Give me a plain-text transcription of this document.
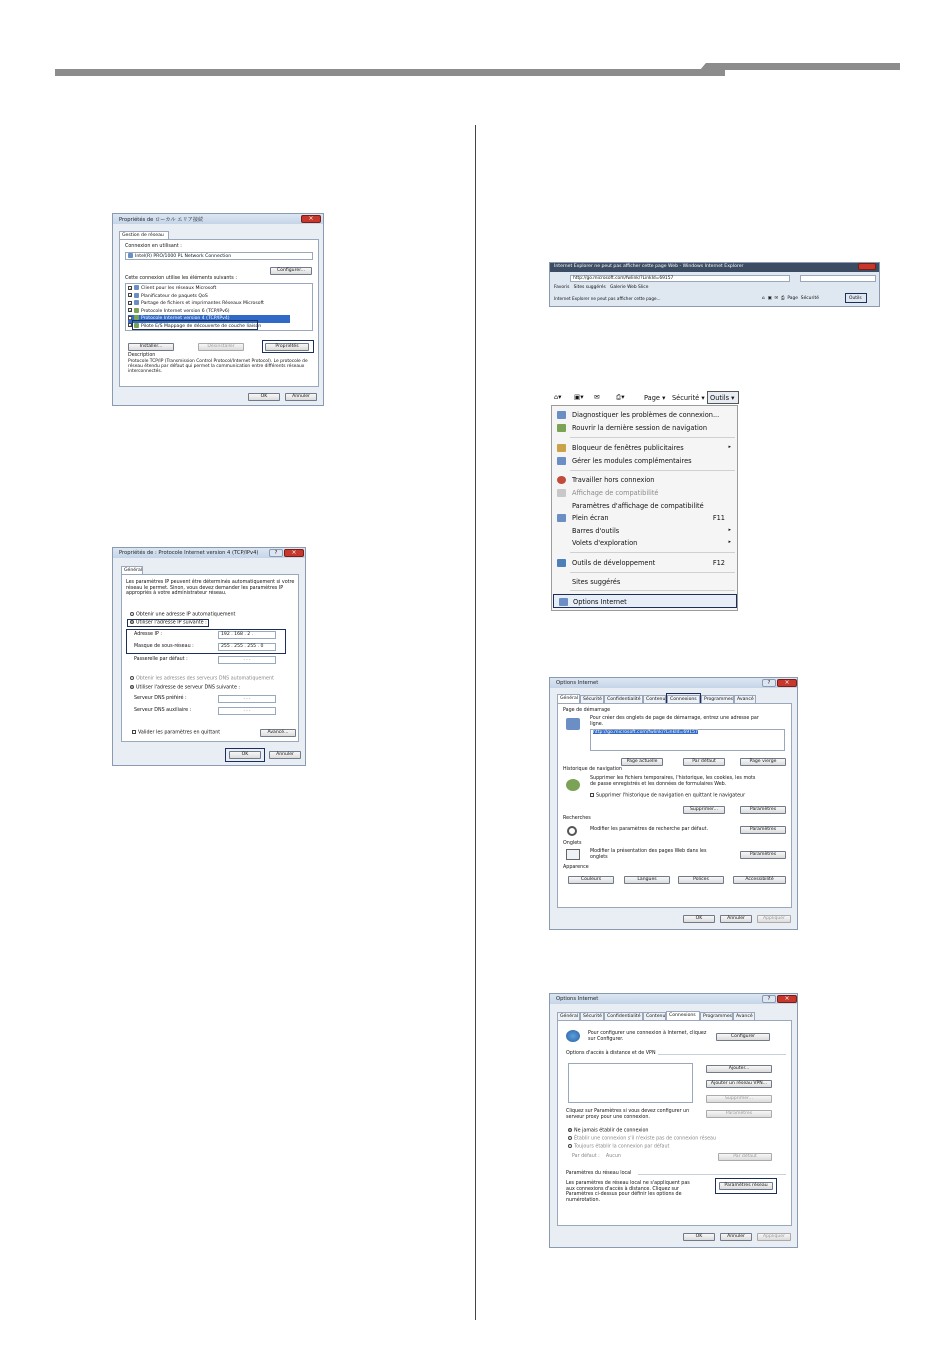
Propriétés de ローカル エリア接続	×
Gestion de réseau
Connexion en utilisant :
Intel(R) PRO/1000 PL Network Connection
Configurer...
Cette connexion utilise les éléments suivants :
✓ Client pour les réseaux Microsoft
✓ Planificateur de paquets QoS
✓ Partage de fichiers et imprimantes Réseaux Microsoft
✓ Protocole Internet version 6 (TCP/IPv6)
✓ Protocole Internet version 4 (TCP/IPv4)
✓ Pilote E/S Mappage de découverte de couche liaison
Installer...	Désinstaller	Propriétés
Description
Protocole TCP/IP (Transmission Control Protocol/Internet Protocol). Le protocole de réseau étendu par défaut qui permet la communication entre différents réseaux interconnectés.
OK	Annuler
Propriétés de : Protocole Internet version 4 (TCP/IPv4)	?	×
Général
Les paramètres IP peuvent être déterminés automatiquement si votre réseau le permet. Sinon, vous devez demander les paramètres IP appropriés à votre administrateur réseau.
Obtenir une adresse IP automatiquement
Utiliser l'adresse IP suivante :
Adresse IP :	192 . 168 . 2 .
Masque de sous-réseau :	255 . 255 . 255 . 0
Passerelle par défaut :	. . .
Obtenir les adresses des serveurs DNS automatiquement
Utiliser l'adresse de serveur DNS suivante :
Serveur DNS préféré :	. . .
Serveur DNS auxiliaire :	. . .
Valider les paramètres en quittant	Avancé...
OK	Annuler
Internet Explorer ne peut pas afficher cette page Web - Windows Internet Explorer
http://go.microsoft.com/fwlink/?LinkId=69157
Favoris Sites suggérés Galerie Web Slice
Internet Explorer ne peut pas afficher cette page...	⌂ ▣ ✉ ⎙ Page Sécurité	Outils
⌂▾ ▣▾ ✉ ⎙▾	Page ▾ Sécurité ▾ Outils ▾
Diagnostiquer les problèmes de connexion...
Rouvrir la dernière session de navigation
Bloqueur de fenêtres publicitaires	▸
Gérer les modules complémentaires
Travailler hors connexion
Affichage de compatibilité
Paramètres d'affichage de compatibilité
Plein écran	F11
Barres d'outils	▸
Volets d'exploration	▸
Outils de développement	F12
Sites suggérés
Options Internet
Options Internet	?	×
Général	Sécurité	Confidentialité	Contenu	Connexions	Programmes Avancé
Page de démarrage
Pour créer des onglets de page de démarrage, entrez une adresse par ligne.
http://go.microsoft.com/fwlink/?LinkId=69157
Page actuelle	Par défaut	Page vierge
Historique de navigation
Supprimer les fichiers temporaires, l'historique, les cookies, les mots de passe enregistrés et les données de formulaires Web.
Supprimer l'historique de navigation en quittant le navigateur
Supprimer...	Paramètres
Recherches
Modifier les paramètres de recherche par défaut.	Paramètres
Onglets
Modifier la présentation des pages Web dans les onglets	Paramètres
Apparence
Couleurs	Langues	Polices	Accessibilité
OK	Annuler	Appliquer
Options Internet	?	×
Général	Sécurité	Confidentialité	Contenu Connexions	Programmes Avancé
Pour configurer une connexion à Internet, cliquez sur Configurer.	Configurer
Options d'accès à distance et de VPN
Ajouter...
Ajouter un réseau VPN...
Supprimer...
Cliquez sur Paramètres si vous devez configurer un serveur proxy pour une connexion.
Paramètres
Ne jamais établir de connexion
Établir une connexion s'il n'existe pas de connexion réseau
Toujours établir la connexion par défaut
Par défaut : Aucun	Par défaut
Paramètres du réseau local
Les paramètres de réseau local ne s'appliquent pas aux connexions d'accès à distance. Cliquez sur Paramètres ci-dessus pour définir les options de numérotation.
Paramètres réseau
OK	Annuler	Appliquer
